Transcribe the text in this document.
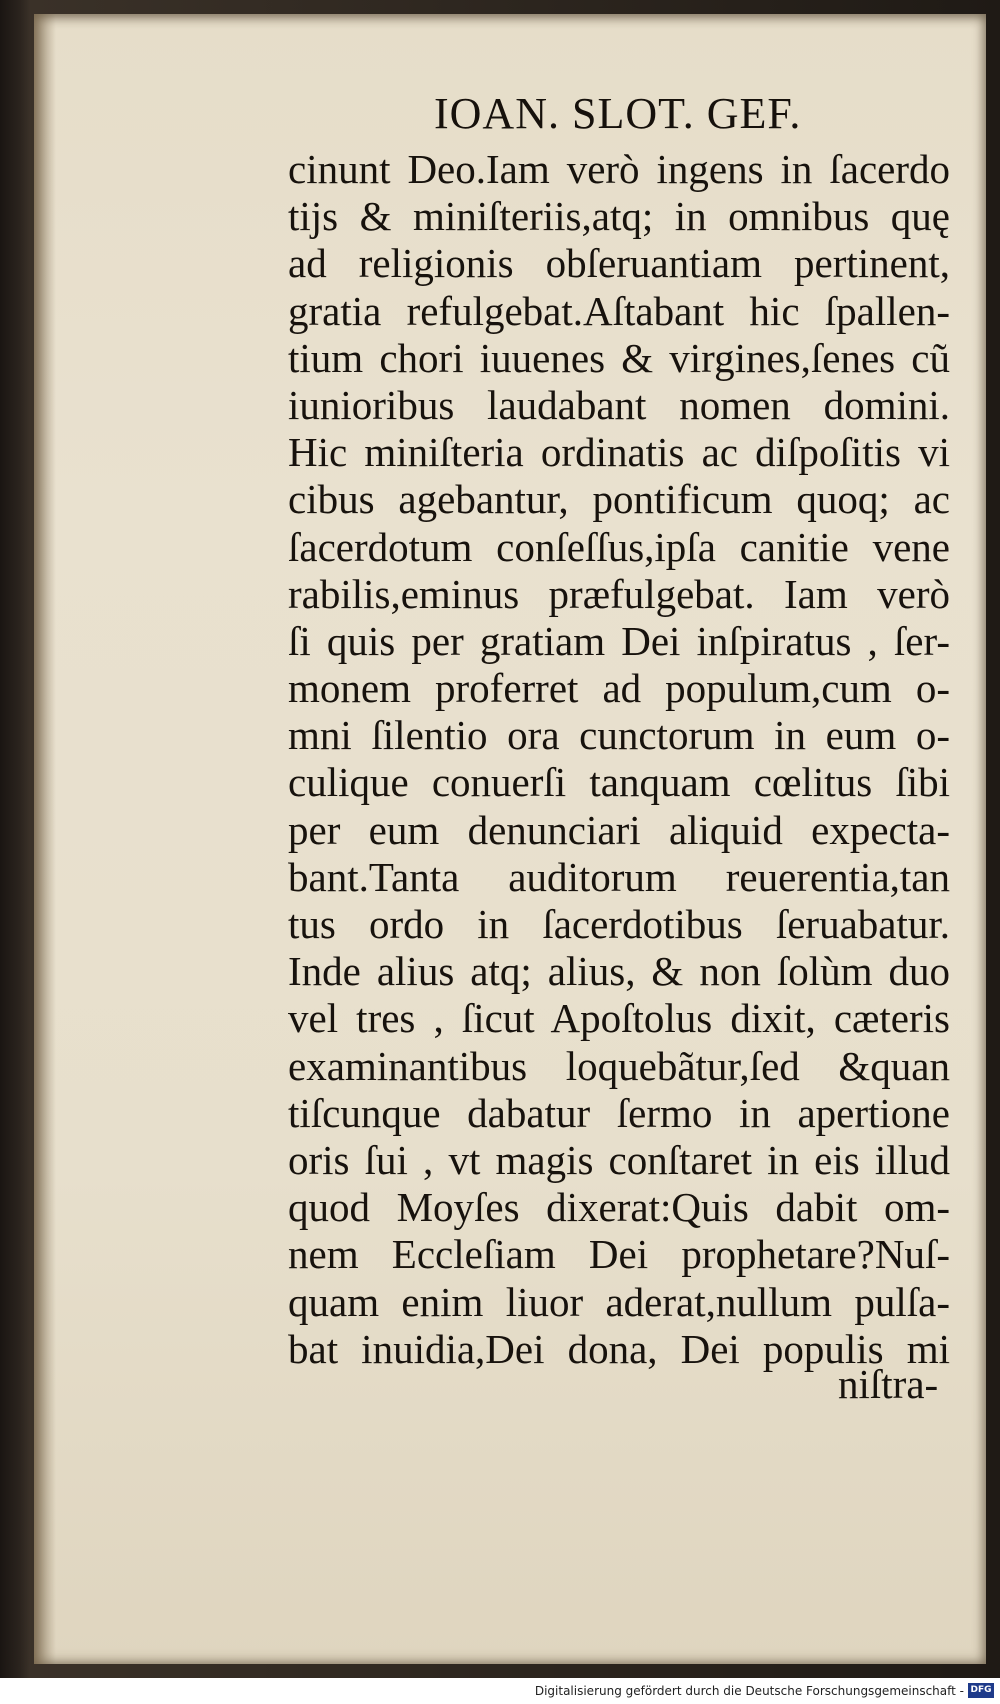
IOAN. SLOT. GEF.
cinunt Deo.Iam verò ingens in ſacerdo
tijs & miniſteriis,atq; in omnibus quę
ad religionis obſeruantiam pertinent,
gratia refulgebat.Aſtabant hic ſpallen-
tium chori iuuenes & virgines,ſenes cũ
iunioribus laudabant nomen domini.
Hic miniſteria ordinatis ac diſpoſitis vi
cibus agebantur, pontificum quoq; ac
ſacerdotum conſeſſus,ipſa canitie vene
rabilis,eminus præfulgebat. Iam verò
ſi quis per gratiam Dei inſpiratus , ſer-
monem proferret ad populum,cum o-
mni ſilentio ora cunctorum in eum o-
culique conuerſi tanquam cœlitus ſibi
per eum denunciari aliquid expecta-
bant.Tanta auditorum reuerentia,tan
tus ordo in ſacerdotibus ſeruabatur.
Inde alius atq; alius, & non ſolùm duo
vel tres , ſicut Apoſtolus dixit, cæteris
examinantibus loquebãtur,ſed &quan
tiſcunque dabatur ſermo in apertione
oris ſui , vt magis conſtaret in eis illud
quod Moyſes dixerat:Quis dabit om-
nem Eccleſiam Dei prophetare?Nuſ-
quam enim liuor aderat,nullum pulſa-
bat inuidia,Dei dona, Dei populis mi
niſtra-
Digitalisierung gefördert durch die Deutsche Forschungsgemeinschaft - DFG
